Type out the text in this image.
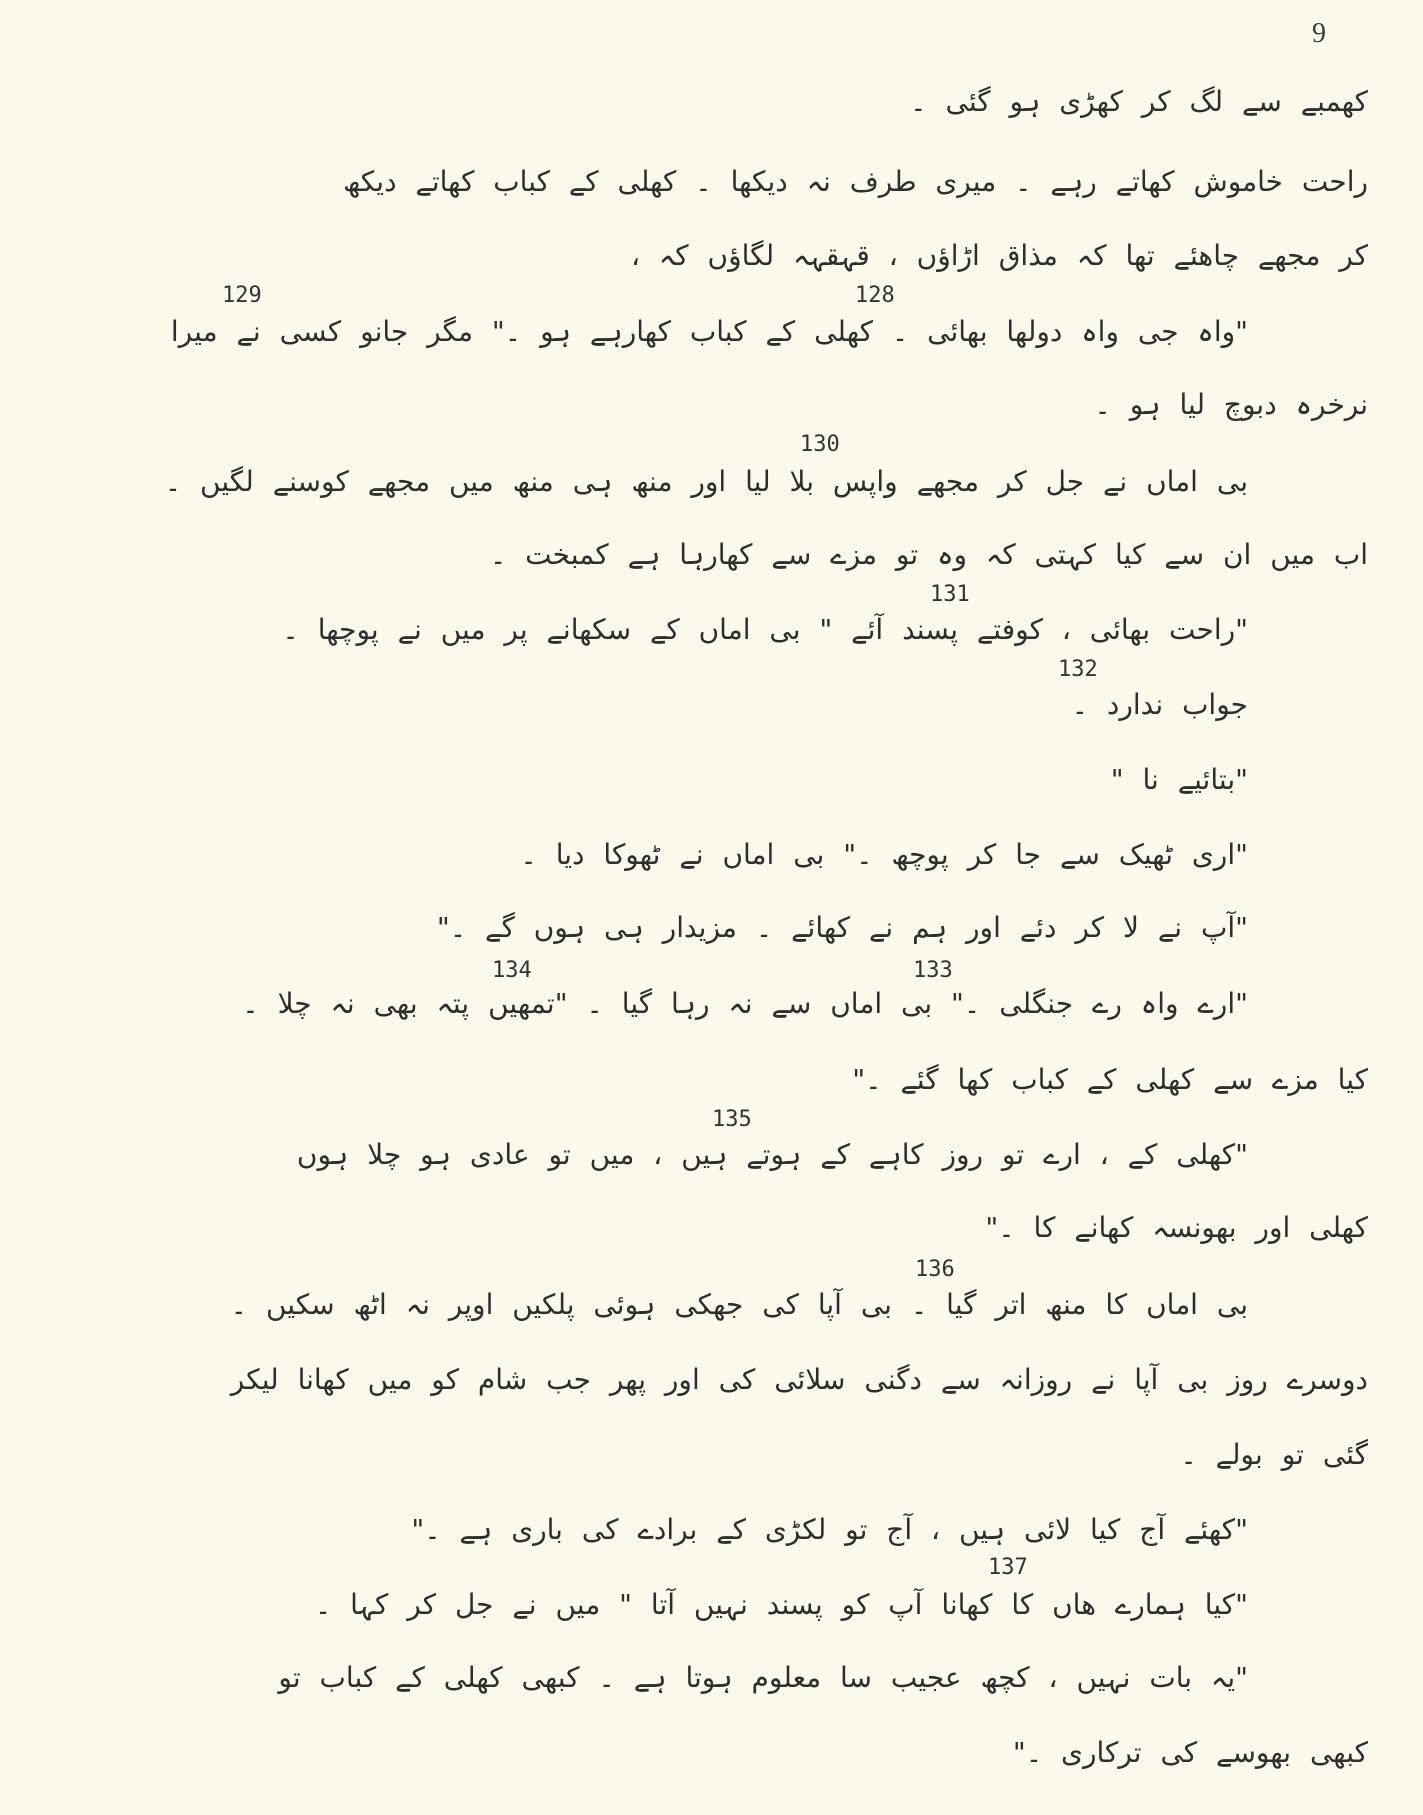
9
کھمبے سے لگ کر کھڑی ہو گئی ۔
راحت خاموش کھاتے رہے ۔ میری طرف نہ دیکھا ۔ کھلی کے کباب کھاتے دیکھ
کر مجھے چاھئے تھا کہ مذاق اڑاؤں ، قہقہہ لگاؤں کہ ،
"واہ جی واہ دولھا بھائی ۔ کھلی کے کباب کھارہے ہو ۔" مگر جانو کسی نے میرا
نرخرہ دبوچ لیا ہو ۔
بی اماں نے جل کر مجھے واپس بلا لیا اور منھ ہی منھ میں مجھے کوسنے لگیں ۔
اب میں ان سے کیا کہتی کہ وہ تو مزے سے کھارہا ہے کمبخت ۔
"راحت بھائی ، کوفتے پسند آئے " بی اماں کے سکھانے پر میں نے پوچھا ۔
جواب ندارد ۔
"بتائیے نا "
"اری ٹھیک سے جا کر پوچھ ۔" بی اماں نے ٹھوکا دیا ۔
"آپ نے لا کر دئے اور ہم نے کھائے ۔ مزیدار ہی ہوں گے ۔"
"ارے واہ رے جنگلی ۔" بی اماں سے نہ رہا گیا ۔ "تمھیں پتہ بھی نہ چلا ۔
کیا مزے سے کھلی کے کباب کھا گئے ۔"
"کھلی کے ، ارے تو روز کاہے کے ہوتے ہیں ، میں تو عادی ہو چلا ہوں
کھلی اور بھونسہ کھانے کا ۔"
بی اماں کا منھ اتر گیا ۔ بی آپا کی جھکی ہوئی پلکیں اوپر نہ اٹھ سکیں ۔
دوسرے روز بی آپا نے روزانہ سے دگنی سلائی کی اور پھر جب شام کو میں کھانا لیکر
گئی تو بولے ۔
"کھئے آج کیا لائی ہیں ، آج تو لکڑی کے برادے کی باری ہے ۔"
"کیا ہمارے ھاں کا کھانا آپ کو پسند نہیں آتا " میں نے جل کر کہا ۔
"یہ بات نہیں ، کچھ عجیب سا معلوم ہوتا ہے ۔ کبھی کھلی کے کباب تو
کبھی بھوسے کی ترکاری ۔"
129	128
130
131
132
134	133
135
136
137
